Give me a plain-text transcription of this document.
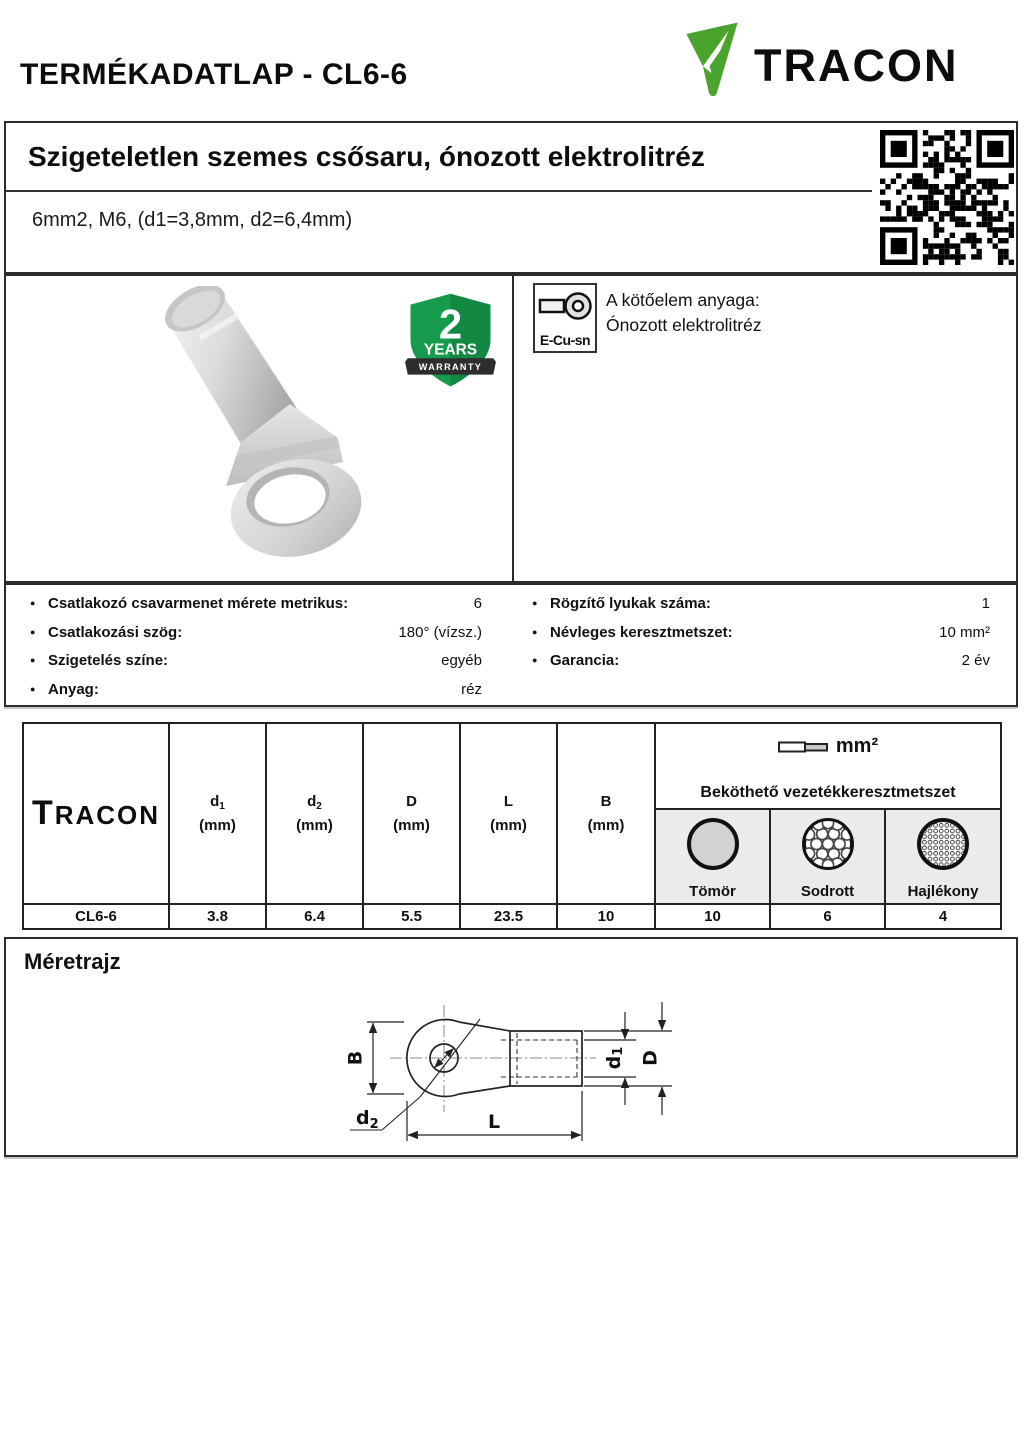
TERMÉKADATLAP - CL6-6	TRACON
Szigeteletlen szemes csősaru, ónozott elektrolitréz
6mm2, M6, (d1=3,8mm, d2=6,4mm)
2
YEARS
WARRANTY
E-Cu-sn
A kötőelem anyaga:
Ónozott elektrolitréz
●
Csatlakozó csavarmenet mérete metrikus:	6
●
Csatlakozási szög:	180° (vízsz.)
●
Szigetelés színe:	egyéb
●
Anyag:	réz
●
Rögzítő lyukak száma:	1
●
Névleges keresztmetszet:	10 mm²
●
Garancia:	2 év
TRACON	$d_1$
(mm)
$d_2$
(mm)
D
(mm)
L
(mm)
B
(mm)
mm²
Beköthető vezetékkeresztmetszet
Tömör	Sodrott	Hajlékony
CL6-6	3.8	6.4	5.5	23.5	10	10	6	4
Méretrajz
B
L
$d_2$
$d_1$ D
